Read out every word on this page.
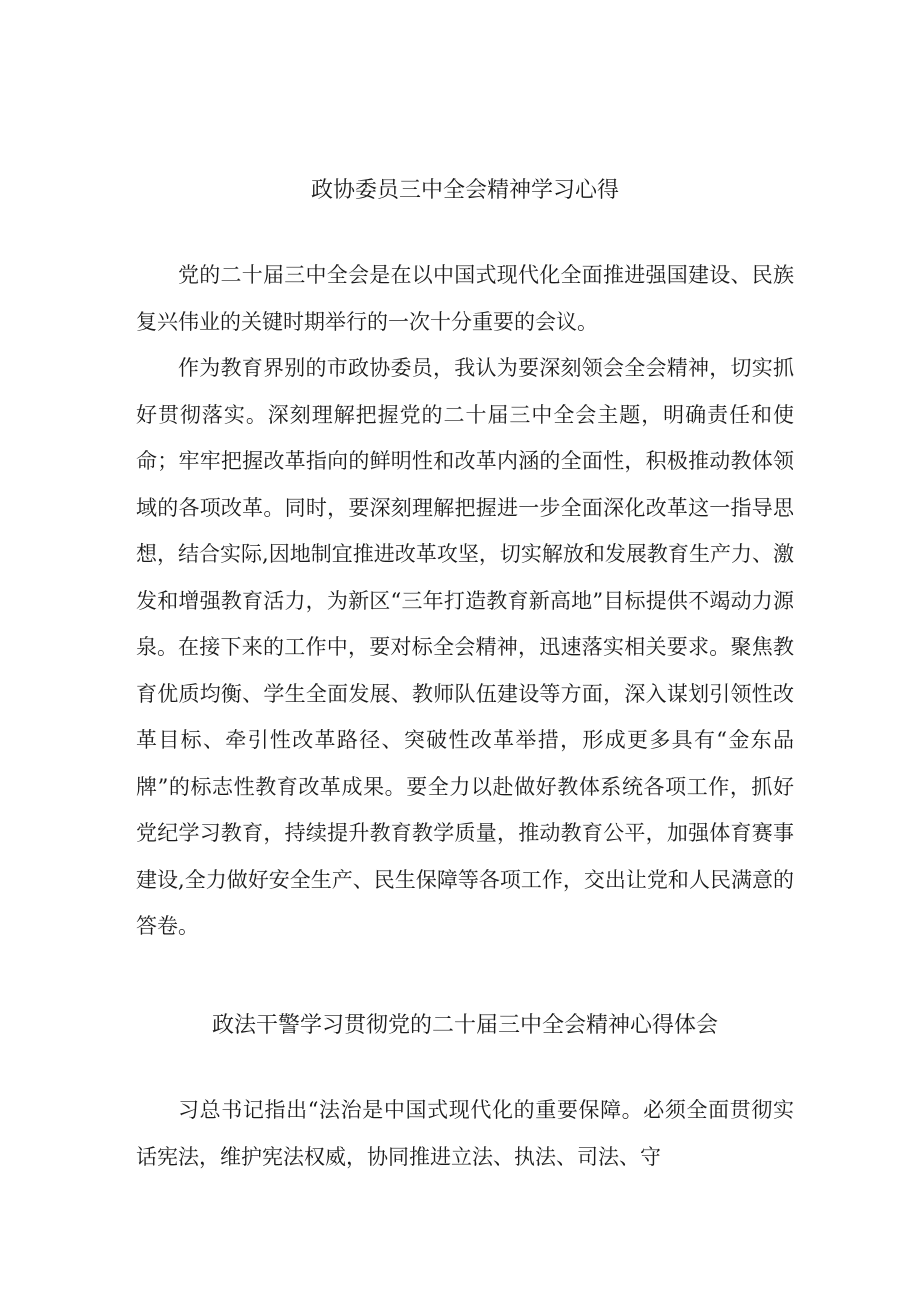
政协委员三中全会精神学习心得

党的二十届三中全会是在以中国式现代化全面推进强国建设、民族复兴伟业的关键时期举行的一次十分重要的会议。

作为教育界别的市政协委员，我认为要深刻领会全会精神，切实抓好贯彻落实。深刻理解把握党的二十届三中全会主题，明确责任和使命；牢牢把握改革指向的鲜明性和改革内涵的全面性，积极推动教体领域的各项改革。同时，要深刻理解把握进一步全面深化改革这一指导思想，结合实际,因地制宜推进改革攻坚，切实解放和发展教育生产力、激发和增强教育活力，为新区“三年打造教育新高地”目标提供不竭动力源泉。 在接下来的工作中，要对标全会精神，迅速落实相关要求。聚焦教育优质均衡、学生全面发展、教师队伍建设等方面，深入谋划引领性改革目标、牵引性改革路径、突破性改革举措，形成更多具有“金东品牌”的标志性教育改革成果。要全力以赴做好教体系统各项工作，抓好党纪学习教育，持续提升教育教学质量，推动教育公平，加强体育赛事建设,全力做好安全生产、民生保障等各项工作，交出让党和人民满意的答卷。

政法干警学习贯彻党的二十届三中全会精神心得体会

习总书记指出“法治是中国式现代化的重要保障。必须全面贯彻实话宪法，维护宪法权威，协同推进立法、执法、司法、守
